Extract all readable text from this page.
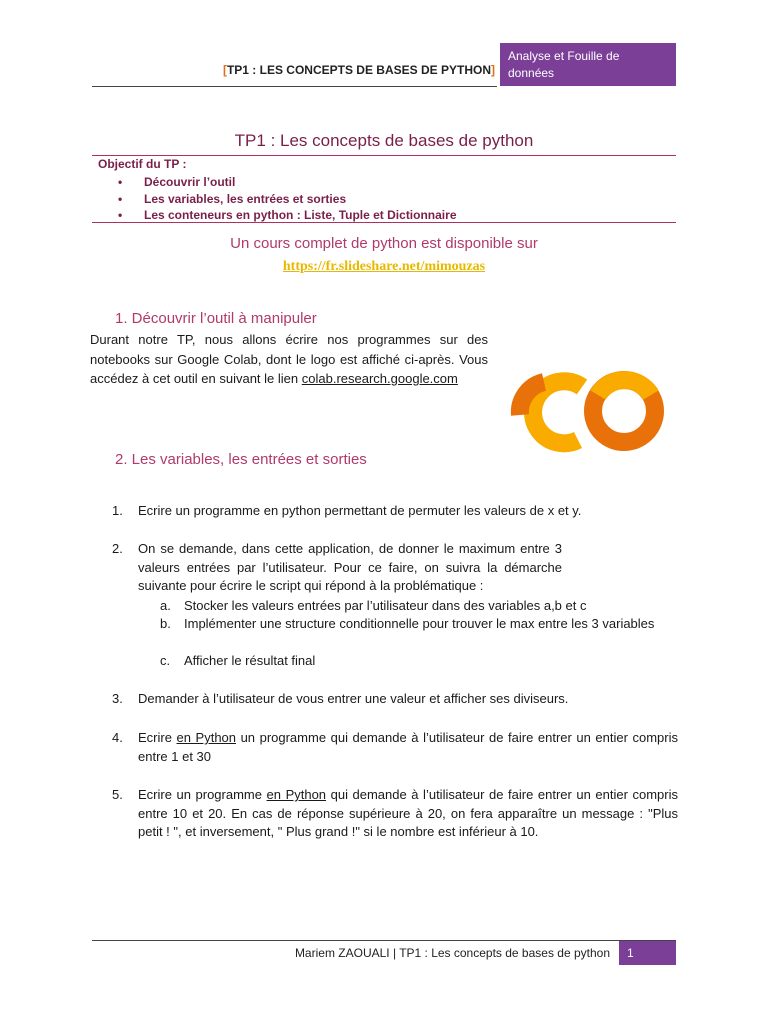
[TP1 : LES CONCEPTS DE BASES DE PYTHON]
Analyse et Fouille de données
TP1 : Les concepts de bases de python
Objectif du TP :
• Découvrir l’outil
• Les variables, les entrées et sorties
• Les conteneurs en python : Liste, Tuple et Dictionnaire
Un cours complet de python est disponible sur
https://fr.slideshare.net/mimouzas
1. Découvrir l’outil à manipuler
Durant notre TP, nous allons écrire nos programmes sur des notebooks sur Google Colab, dont le logo est affiché ci-après. Vous accédez à cet outil en suivant le lien colab.research.google.com
2. Les variables, les entrées et sorties
1. Ecrire un programme en python permettant de permuter les valeurs de x et y.
2. On se demande, dans cette application, de donner le maximum entre 3 valeurs entrées par l’utilisateur. Pour ce faire, on suivra la démarche suivante pour écrire le script qui répond à la problématique :
a. Stocker les valeurs entrées par l’utilisateur dans des variables a,b et c
b. Implémenter une structure conditionnelle pour trouver le max entre les 3 variables
c. Afficher le résultat final
3. Demander à l’utilisateur de vous entrer une valeur et afficher ses diviseurs.
4. Ecrire en Python un programme qui demande à l’utilisateur de faire entrer un entier compris entre 1 et 30
5. Ecrire un programme en Python qui demande à l’utilisateur de faire entrer un entier compris entre 10 et 20. En cas de réponse supérieure à 20, on fera apparaître un message : "Plus petit ! ", et inversement, " Plus grand !" si le nombre est inférieur à 10.
Mariem ZAOUALI | TP1 : Les concepts de bases de python	1
